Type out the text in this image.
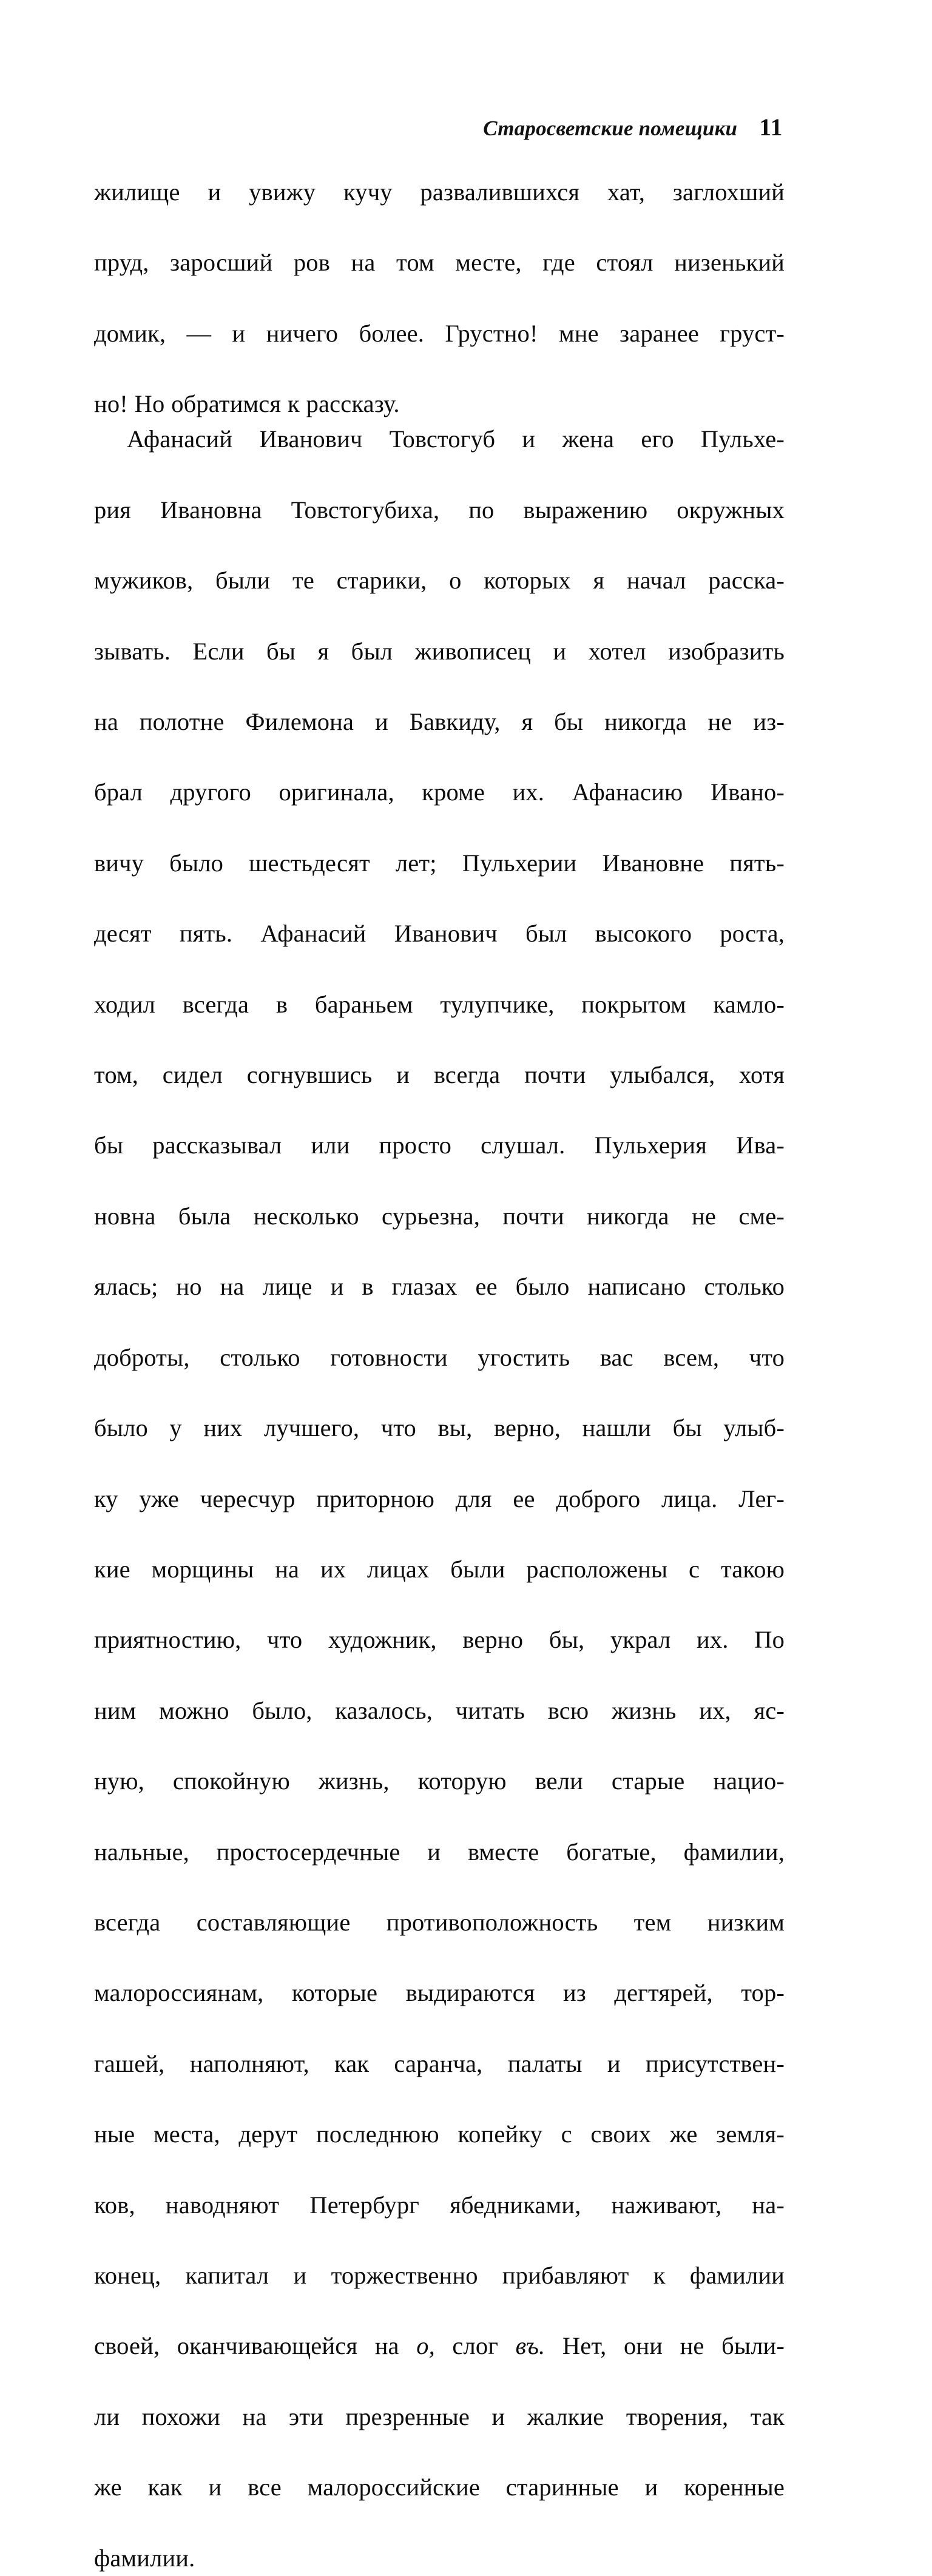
Старосветские помещики 11
жилище и увижу кучу развалившихся хат, заглохший
пруд, заросший ров на том месте, где стоял низенький
домик, — и ничего более. Грустно! мне заранее груст-
но! Но обратимся к рассказу.
Афанасий Иванович Товстогуб и жена его Пульхе-
рия Ивановна Товстогубиха, по выражению окружных
мужиков, были те старики, о которых я начал расска-
зывать. Если бы я был живописец и хотел изобразить
на полотне Филемона и Бавкиду, я бы никогда не из-
брал другого оригинала, кроме их. Афанасию Ивано-
вичу было шестьдесят лет; Пульхерии Ивановне пять-
десят пять. Афанасий Иванович был высокого роста,
ходил всегда в бараньем тулупчике, покрытом камло-
том, сидел согнувшись и всегда почти улыбался, хотя
бы рассказывал или просто слушал. Пульхерия Ива-
новна была несколько сурьезна, почти никогда не сме-
ялась; но на лице и в глазах ее было написано столько
доброты, столько готовности угостить вас всем, что
было у них лучшего, что вы, верно, нашли бы улыб-
ку уже чересчур приторною для ее доброго лица. Лег-
кие морщины на их лицах были расположены с такою
приятностию, что художник, верно бы, украл их. По
ним можно было, казалось, читать всю жизнь их, яс-
ную, спокойную жизнь, которую вели старые нацио-
нальные, простосердечные и вместе богатые, фамилии,
всегда составляющие противоположность тем низким
малороссиянам, которые выдираются из дегтярей, тор-
гашей, наполняют, как саранча, палаты и присутствен-
ные места, дерут последнюю копейку с своих же земля-
ков, наводняют Петербург ябедниками, наживают, на-
конец, капитал и торжественно прибавляют к фамилии
своей, оканчивающейся на о, слог въ. Нет, они не были-
ли похожи на эти презренные и жалкие творения, так
же как и все малороссийские старинные и коренные
фамилии.
